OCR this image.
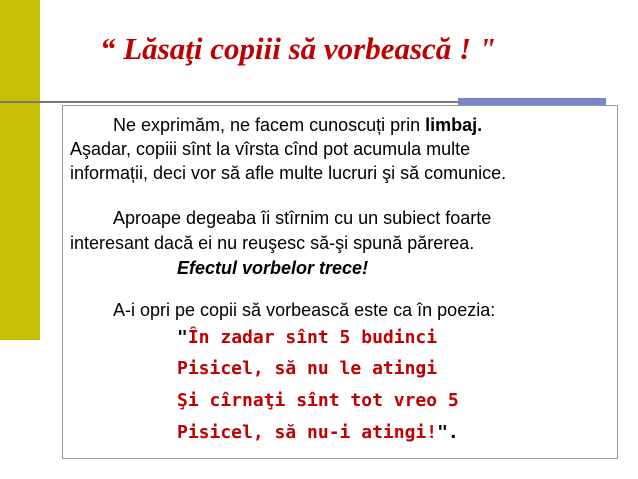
“ Lăsaţi copiii să vorbească ! "
Ne exprimăm, ne facem cunoscuți prin limbaj.
Aşadar, copiii sînt la vîrsta cînd pot acumula multe
informații, deci vor să afle multe lucruri şi să comunice.
Aproape degeaba îi stîrnim cu un subiect foarte
interesant dacă ei nu reuşesc să-şi spună părerea.
Efectul vorbelor trece!
A-i opri pe copii să vorbească este ca în poezia:
"În zadar sînt 5 budinci
Pisicel, să nu le atingi
Şi cîrnaţi sînt tot vreo 5
Pisicel, să nu-i atingi!".
